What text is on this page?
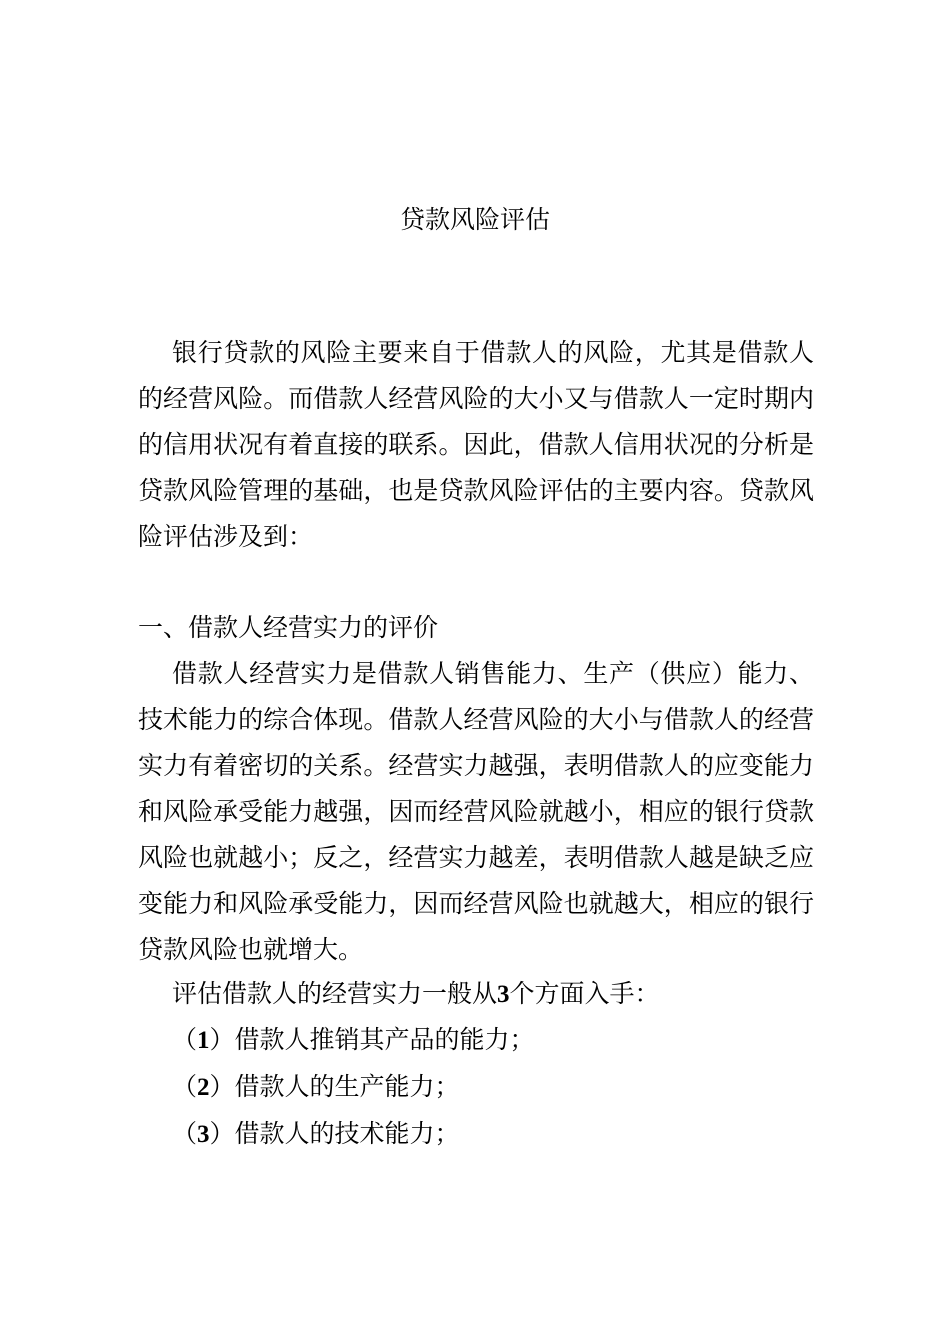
贷款风险评估
银行贷款的风险主要来自于借款人的风险，尤其是借款人的经营风险。而借款人经营风险的大小又与借款人一定时期内的信用状况有着直接的联系。因此，借款人信用状况的分析是贷款风险管理的基础，也是贷款风险评估的主要内容。贷款风险评估涉及到：
一、借款人经营实力的评价
借款人经营实力是借款人销售能力、生产（供应）能力、技术能力的综合体现。借款人经营风险的大小与借款人的经营实力有着密切的关系。经营实力越强，表明借款人的应变能力和风险承受能力越强，因而经营风险就越小，相应的银行贷款风险也就越小；反之，经营实力越差，表明借款人越是缺乏应变能力和风险承受能力，因而经营风险也就越大，相应的银行贷款风险也就增大。
评估借款人的经营实力一般从3个方面入手：
（1）借款人推销其产品的能力；
（2）借款人的生产能力；
（3）借款人的技术能力；
